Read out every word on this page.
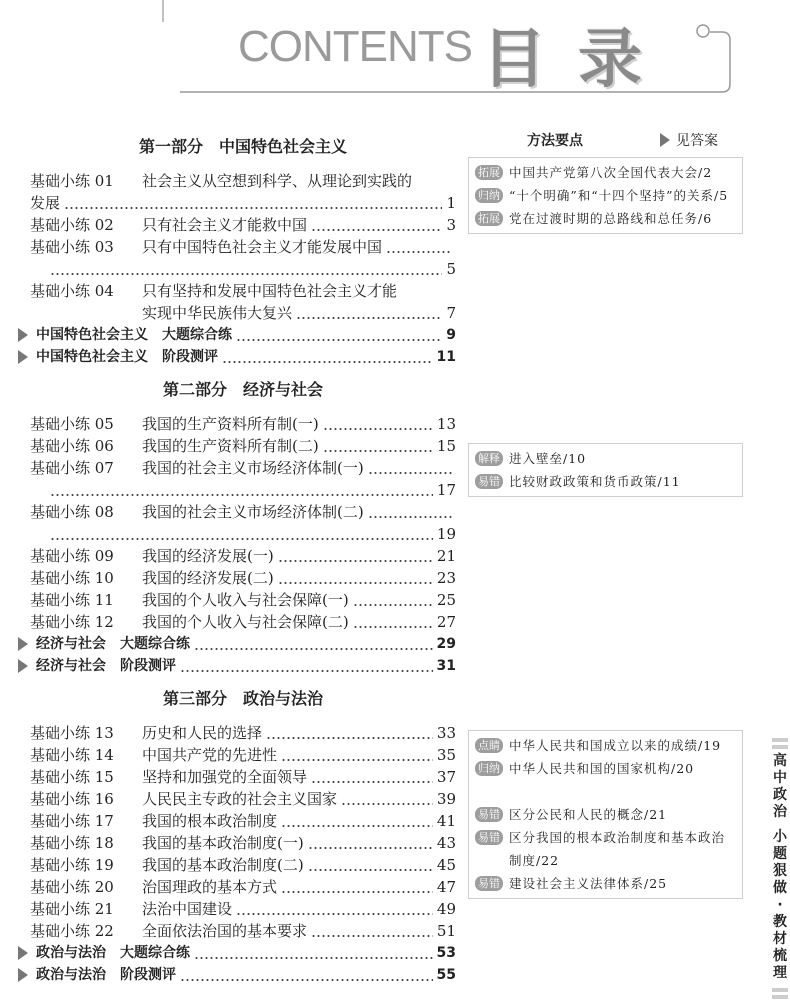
CONTENTS 目 录
第一部分　中国特色社会主义
基础小练 01	社会主义从空想到科学、从理论到实践的
发展	1
基础小练 02	只有社会主义才能救中国	3
基础小练 03	只有中国特色社会主义才能发展中国
5
基础小练 04	只有坚持和发展中国特色社会主义才能
实现中华民族伟大复兴	7
中国特色社会主义 大题综合练	9
中国特色社会主义 阶段测评	11
第二部分　经济与社会
基础小练 05	我国的生产资料所有制(一)	13
基础小练 06	我国的生产资料所有制(二)	15
基础小练 07	我国的社会主义市场经济体制(一)
17
基础小练 08	我国的社会主义市场经济体制(二)
19
基础小练 09	我国的经济发展(一)	21
基础小练 10	我国的经济发展(二)	23
基础小练 11	我国的个人收入与社会保障(一)	25
基础小练 12	我国的个人收入与社会保障(二)	27
经济与社会 大题综合练	29
经济与社会 阶段测评	31
第三部分　政治与法治
基础小练 13	历史和人民的选择	33
基础小练 14	中国共产党的先进性	35
基础小练 15	坚持和加强党的全面领导	37
基础小练 16	人民民主专政的社会主义国家	39
基础小练 17	我国的根本政治制度	41
基础小练 18	我国的基本政治制度(一)	43
基础小练 19	我国的基本政治制度(二)	45
基础小练 20	治国理政的基本方式	47
基础小练 21	法治中国建设	49
基础小练 22	全面依法治国的基本要求	51
政治与法治 大题综合练	53
政治与法治 阶段测评	55
方法要点	见答案
拓展 中国共产党第八次全国代表大会/2
归纳 “十个明确”和“十四个坚持”的关系/5
拓展 党在过渡时期的总路线和总任务/6
解释 进入壁垒/10
易错 比较财政政策和货币政策/11
点睛 中华人民共和国成立以来的成绩/19
归纳 中华人民共和国的国家机构/20
易错 区分公民和人民的概念/21
易错 区分我国的根本政治制度和基本政治制度/22
易错 建设社会主义法律体系/25
高中政治
小题狠做
·
教材梳理
